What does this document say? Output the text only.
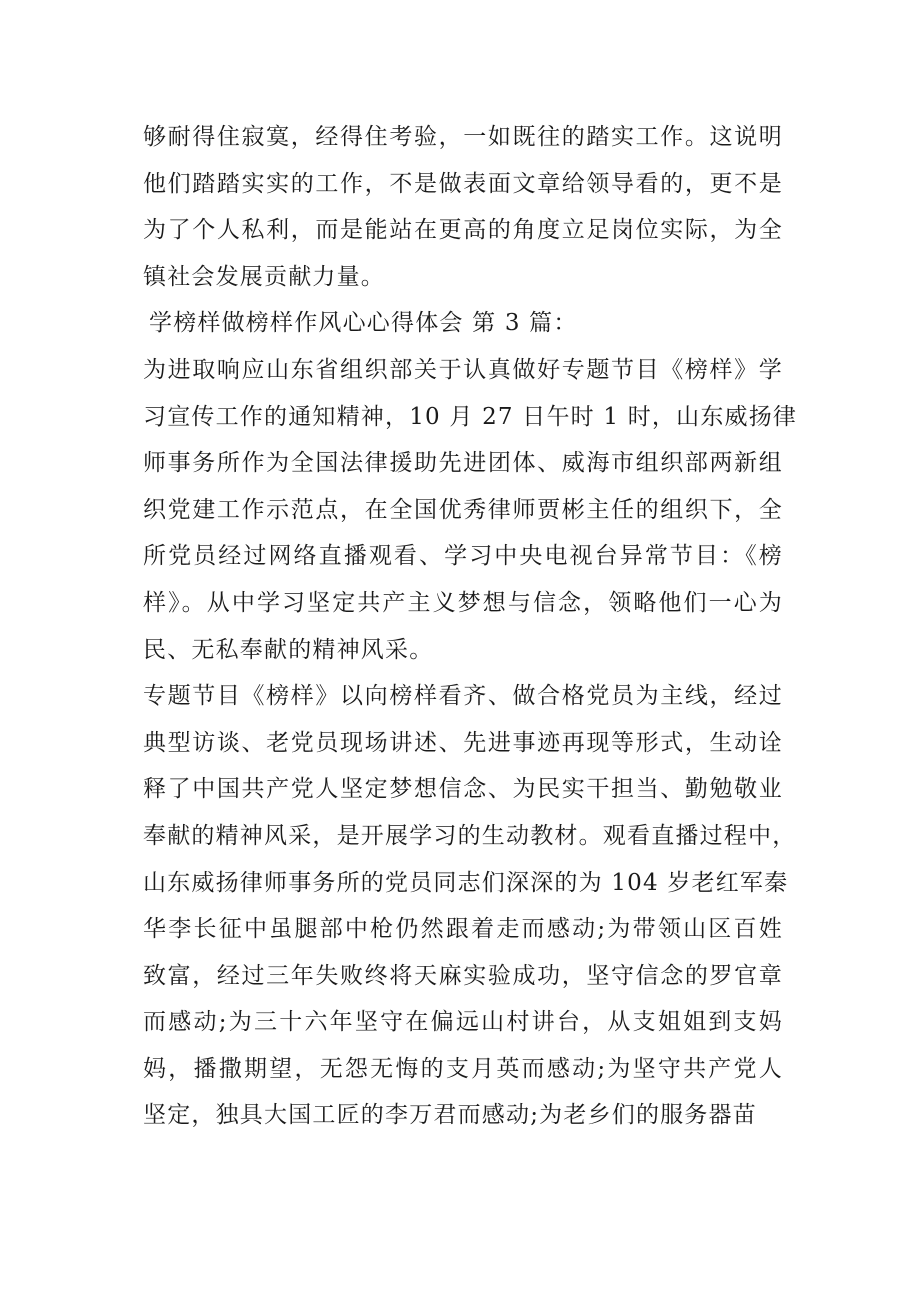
够耐得住寂寞，经得住考验，一如既往的踏实工作。这说明
他们踏踏实实的工作，不是做表面文章给领导看的，更不是
为了个人私利，而是能站在更高的角度立足岗位实际，为全
镇社会发展贡献力量。
学榜样做榜样作风心心得体会 第 3 篇：
为进取响应山东省组织部关于认真做好专题节目《榜样》学
习宣传工作的通知精神，10 月 27 日午时 1 时，山东威扬律
师事务所作为全国法律援助先进团体、威海市组织部两新组
织党建工作示范点，在全国优秀律师贾彬主任的组织下，全
所党员经过网络直播观看、学习中央电视台异常节目：《榜
样》。从中学习坚定共产主义梦想与信念，领略他们一心为
民、无私奉献的精神风采。
专题节目《榜样》以向榜样看齐、做合格党员为主线，经过
典型访谈、老党员现场讲述、先进事迹再现等形式，生动诠
释了中国共产党人坚定梦想信念、为民实干担当、勤勉敬业
奉献的精神风采，是开展学习的生动教材。观看直播过程中，
山东威扬律师事务所的党员同志们深深的为 104 岁老红军秦
华李长征中虽腿部中枪仍然跟着走而感动;为带领山区百姓
致富，经过三年失败终将天麻实验成功，坚守信念的罗官章
而感动;为三十六年坚守在偏远山村讲台，从支姐姐到支妈
妈，播撒期望，无怨无悔的支月英而感动;为坚守共产党人
坚定，独具大国工匠的李万君而感动;为老乡们的服务器苗
